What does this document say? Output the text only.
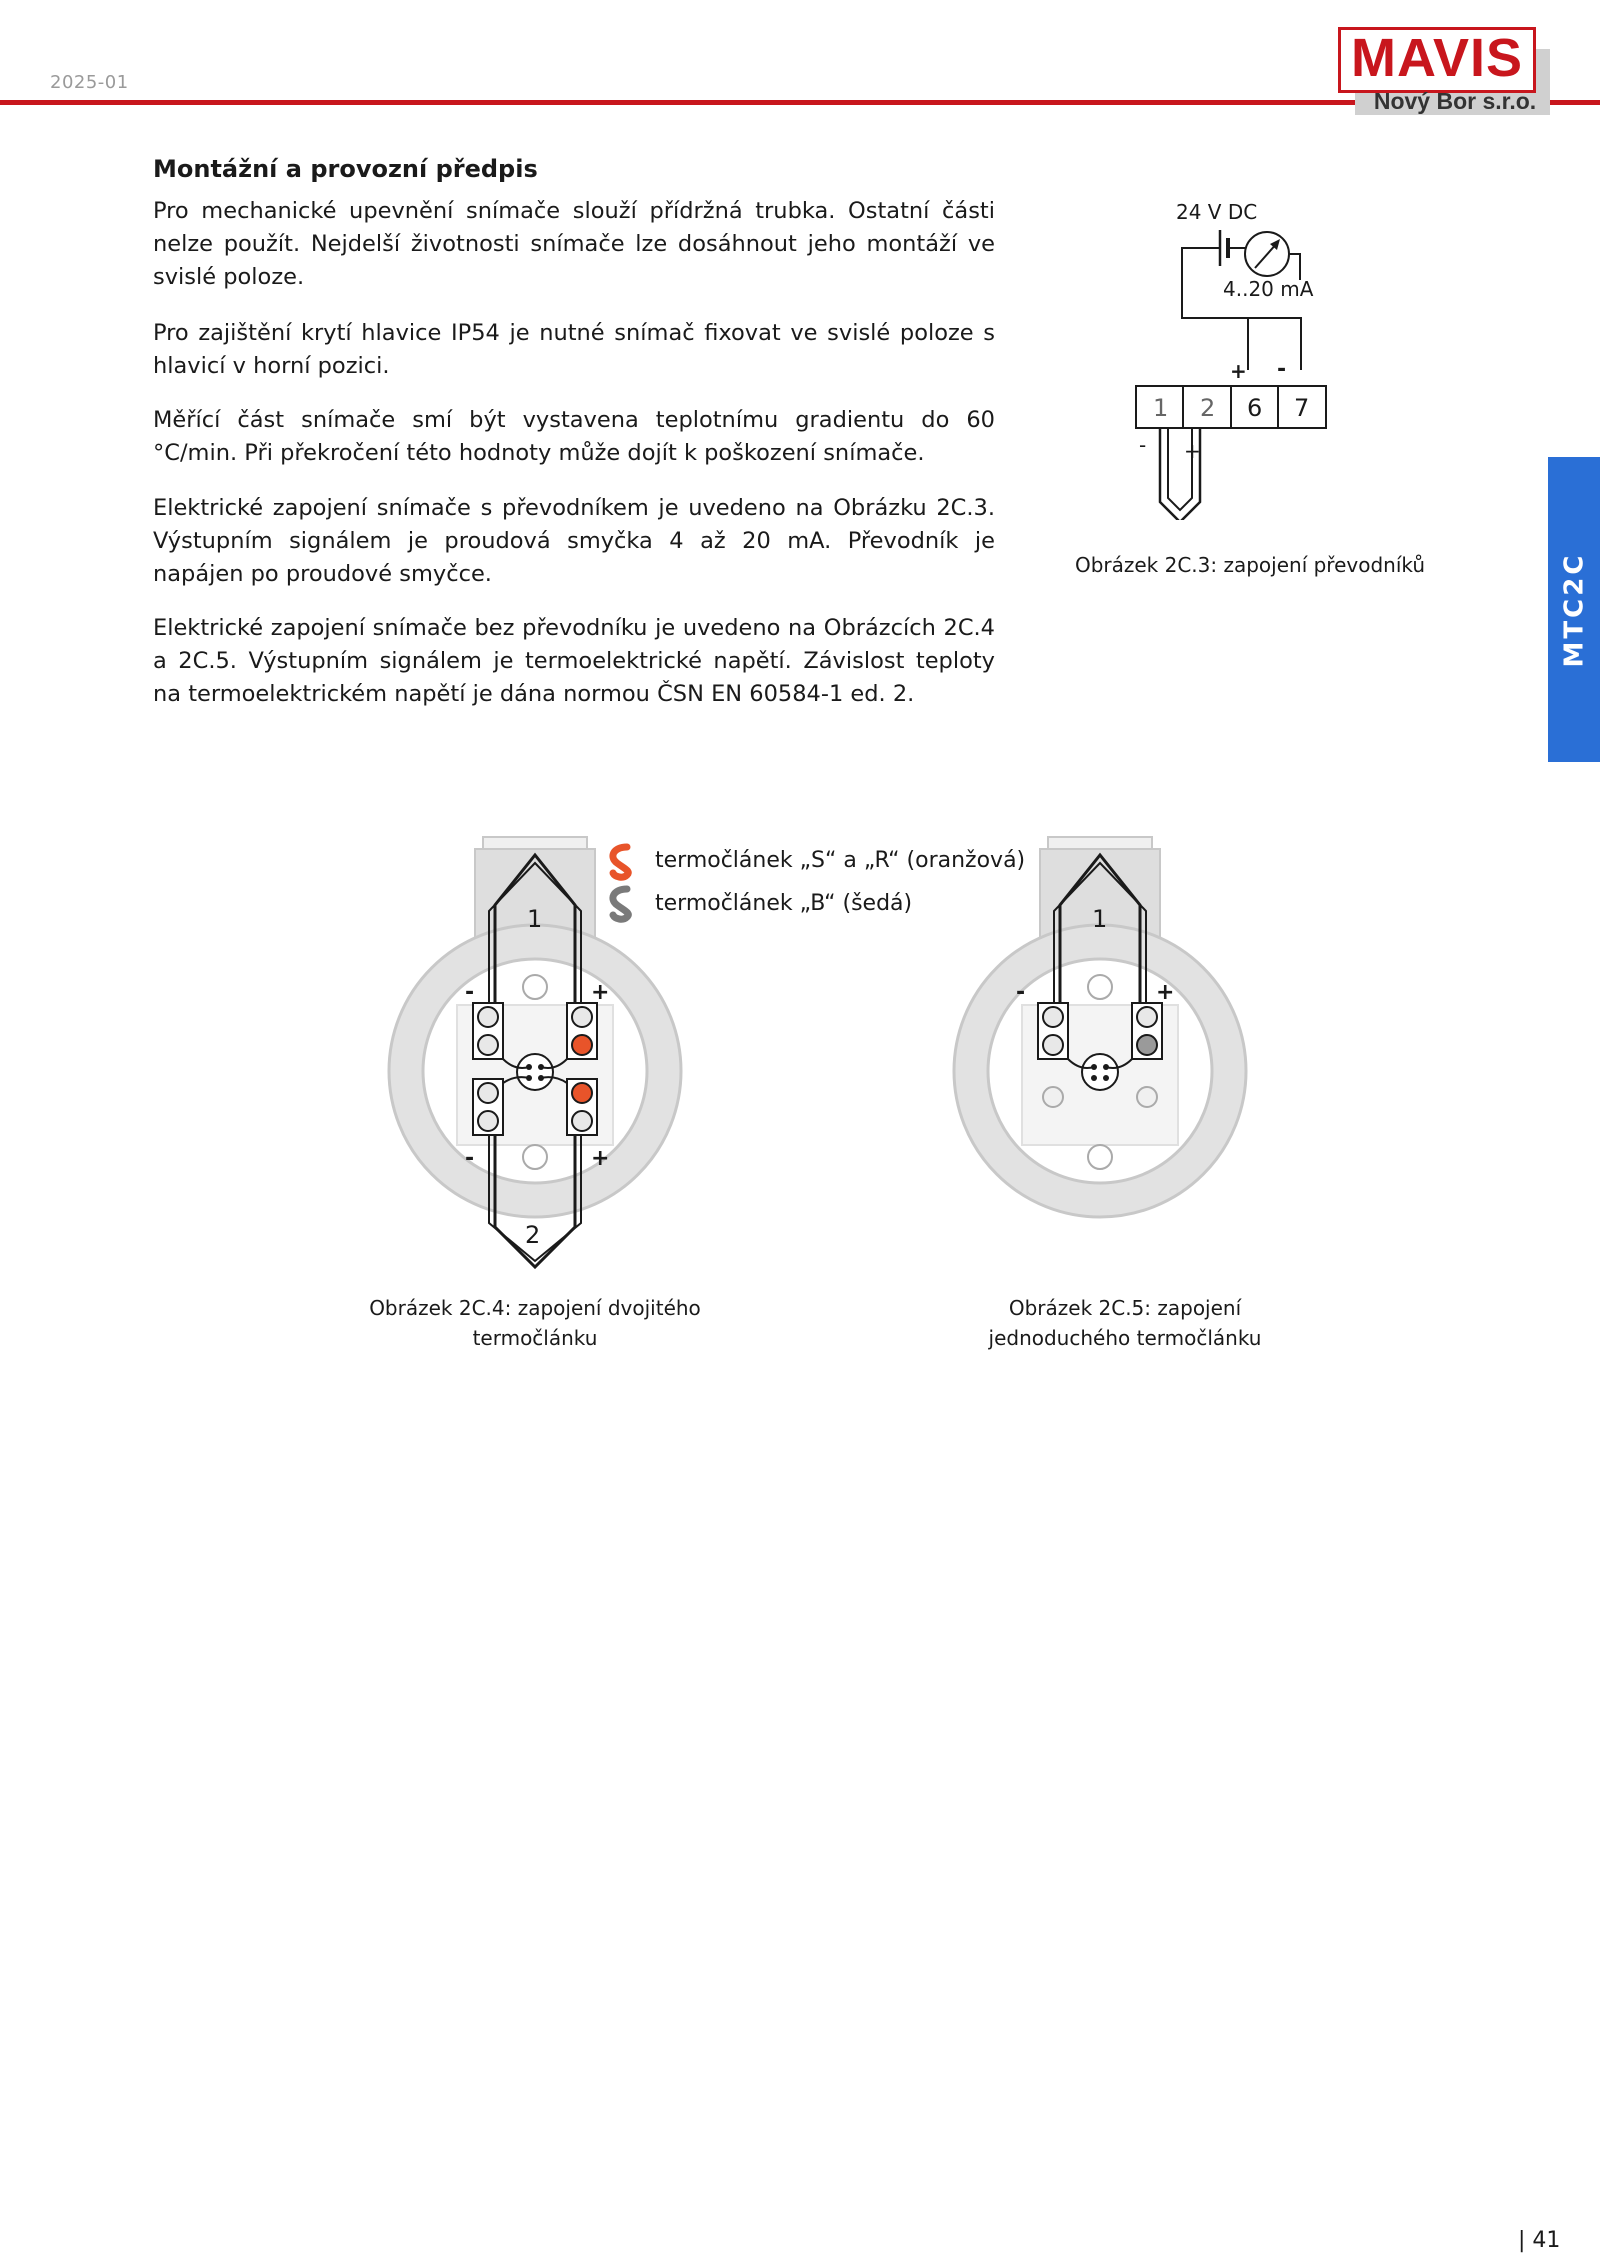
2025-01	MAVIS
Nový Bor s.r.o.
MTC2C
Montážní a provozní předpis
Pro mechanické upevnění snímače slouží přídržná trubka. Ostatní části nelze použít. Nejdelší životnosti snímače lze dosáhnout jeho montáží ve svislé poloze.
Pro zajištění krytí hlavice IP54 je nutné snímač fixovat ve svislé poloze s hlavicí v horní pozici.
Měřící část snímače smí být vystavena teplotnímu gradientu do 60 °C/min. Při překročení této hodnoty může dojít k poškození snímače.
Elektrické zapojení snímače s převodníkem je uvedeno na Obrázku 2C.3. Výstupním signálem je proudová smyčka 4 až 20 mA. Převodník je napájen po proudové smyčce.
Elektrické zapojení snímače bez převodníku je uvedeno na Obrázcích 2C.4 a 2C.5. Výstupním signálem je termoelektrické napětí. Závislost teploty na termoelektrickém napětí je dána normou ČSN EN 60584-1 ed. 2.
24 V DC
4..20 mA
+ -
1 2 6 7
- +
Obrázek 2C.3: zapojení převodníků
termočlánek „S“ a „R“ (oranžová)
termočlánek „B“ (šedá)
1
2
-	+
-	+
Obrázek 2C.4: zapojení dvojitého
termočlánku
1
-	+
Obrázek 2C.5: zapojení
jednoduchého termočlánku
| 41
